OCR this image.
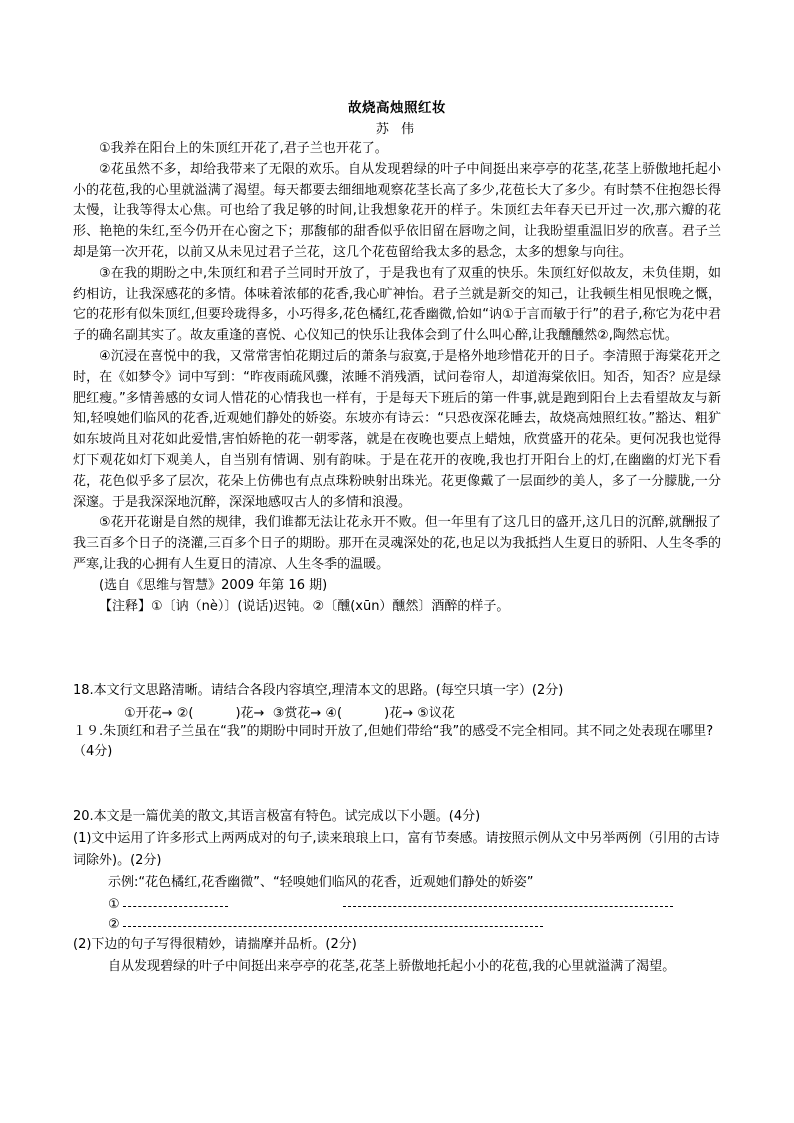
故烧高烛照红妆
苏 伟

①我养在阳台上的朱顶红开花了,君子兰也开花了。

②花虽然不多，却给我带来了无限的欢乐。自从发现碧绿的叶子中间挺出来亭亭的花茎,花茎上骄傲地托起小小的花苞,我的心里就溢满了渴望。每天都要去细细地观察花茎长高了多少,花苞长大了多少。有时禁不住抱怨长得太慢，让我等得太心焦。可也给了我足够的时间,让我想象花开的样子。朱顶红去年春天已开过一次,那六瓣的花形、艳艳的朱红,至今仍开在心窗之下；那馥郁的甜香似乎依旧留在唇吻之间，让我盼望重温旧岁的欣喜。君子兰却是第一次开花，以前又从未见过君子兰花，这几个花苞留给我太多的悬念，太多的想象与向往。

③在我的期盼之中,朱顶红和君子兰同时开放了，于是我也有了双重的快乐。朱顶红好似故友，未负佳期，如约相访，让我深感花的多情。体味着浓郁的花香,我心旷神怡。君子兰就是新交的知己，让我顿生相见恨晚之慨，它的花形有似朱顶红,但要玲珑得多，小巧得多,花色橘红,花香幽微,恰如“讷①于言而敏于行”的君子,称它为花中君子的确名副其实了。故友重逢的喜悦、心仪知己的快乐让我体会到了什么叫心醉,让我醺醺然②,陶然忘忧。

④沉浸在喜悦中的我，又常常害怕花期过后的萧条与寂寞,于是格外地珍惜花开的日子。李清照于海棠花开之时，在《如梦令》词中写到：“昨夜雨疏风骤，浓睡不消残酒，试问卷帘人，却道海棠依旧。知否，知否？应是绿肥红瘦。”多情善感的女词人惜花的心情我也一样有，于是每天下班后的第一件事,就是跑到阳台上去看望故友与新知,轻嗅她们临风的花香,近观她们静处的娇姿。东坡亦有诗云：“只恐夜深花睡去，故烧高烛照红妆。”豁达、粗犷如东坡尚且对花如此爱惜,害怕娇艳的花一朝零落，就是在夜晚也要点上蜡烛，欣赏盛开的花朵。更何况我也觉得灯下观花如灯下观美人，自当别有情调、别有韵味。于是在花开的夜晚,我也打开阳台上的灯,在幽幽的灯光下看花，花色似乎多了层次，花朵上仿佛也有点点珠粉映射出珠光。花更像戴了一层面纱的美人，多了一分朦胧,一分深邃。于是我深深地沉醉，深深地感叹古人的多情和浪漫。

⑤花开花谢是自然的规律，我们谁都无法让花永开不败。但一年里有了这几日的盛开,这几日的沉醉,就酬报了我三百多个日子的浇灌,三百多个日子的期盼。那开在灵魂深处的花,也足以为我抵挡人生夏日的骄阳、人生冬季的严寒,让我的心拥有人生夏日的清凉、人生冬季的温暖。

(选自《思维与智慧》2009 年第 16 期)

【注释】①〔讷（nè）〕(说话)迟钝。②〔醺(xūn）醺然〕酒醉的样子。

18.本文行文思路清晰。请结合各段内容填空,理清本文的思路。(每空只填一字）(2分)
①开花→ ②(	)花→ ③赏花→ ④(	)花→ ⑤议花
１９.朱顶红和君子兰虽在“我”的期盼中同时开放了,但她们带给“我”的感受不完全相同。其不同之处表现在哪里?（4分)

20.本文是一篇优美的散文,其语言极富有特色。试完成以下小题。(4分)

(1)文中运用了许多形式上两两成对的句子,读来琅琅上口，富有节奏感。请按照示例从文中另举两例（引用的古诗词除外)。(2分)

示例:“花色橘红,花香幽微”、“轻嗅她们临风的花香，近观她们静处的娇姿”

①
②

(2)下边的句子写得很精妙，请揣摩并品析。(2分)

自从发现碧绿的叶子中间挺出来亭亭的花茎,花茎上骄傲地托起小小的花苞,我的心里就溢满了渴望。
